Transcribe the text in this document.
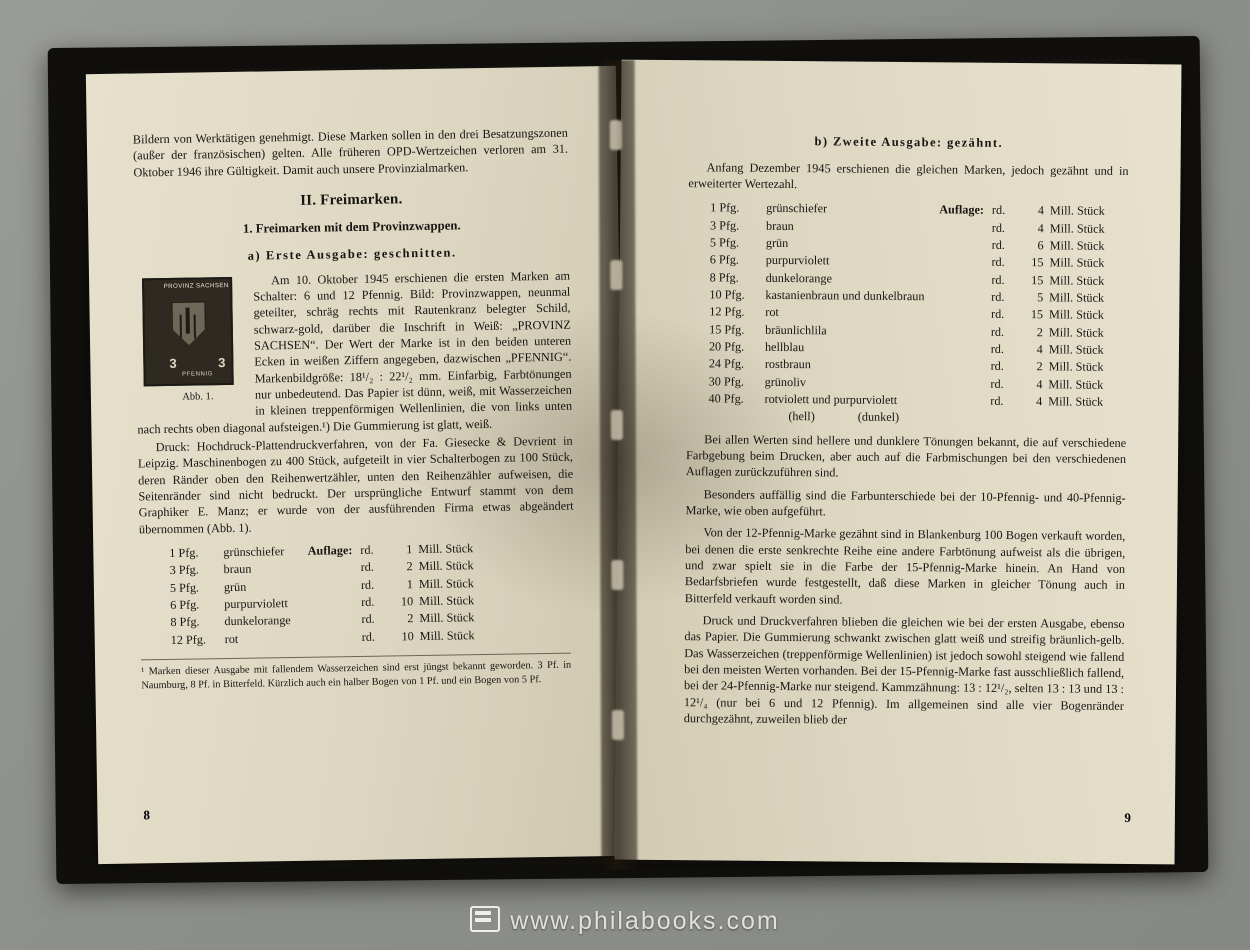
Bildern von Werktätigen genehmigt. Diese Marken sollen in den drei Besatzungszonen (außer der französischen) gelten. Alle früheren OPD-Wertzeichen verloren am 31. Oktober 1946 ihre Gültigkeit. Damit auch unsere Provinzialmarken.

II. Freimarken.
1. Freimarken mit dem Provinzwappen.
a) Erste Ausgabe: geschnitten.

PROVINZ SACHSEN
3	3
PFENNIG
Abb. 1.
Am 10. Oktober 1945 erschienen die ersten Marken am Schalter: 6 und 12 Pfennig. Bild: Provinzwappen, neunmal geteilter, schräg rechts mit Rautenkranz belegter Schild, schwarz-gold, darüber die Inschrift in Weiß: „PROVINZ SACHSEN“. Der Wert der Marke ist in den beiden unteren Ecken in weißen Ziffern angegeben, dazwischen „PFENNIG“. Markenbildgröße: 18¹/₂ : 22¹/₂ mm. Einfarbig, Farbtönungen nur unbedeutend. Das Papier ist dünn, weiß, mit Wasserzeichen in kleinen treppenförmigen Wellenlinien, die von links unten nach rechts oben diagonal aufsteigen.¹) Die Gummierung ist glatt, weiß.

Druck: Hochdruck-Plattendruckverfahren, von der Fa. Giesecke & Devrient in Leipzig. Maschinenbogen zu 400 Stück, aufgeteilt in vier Schalterbogen zu 100 Stück, deren Ränder oben den Reihenwertzähler, unten den Reihenzähler aufweisen, die Seitenränder sind nicht bedruckt. Der ursprüngliche Entwurf stammt von dem Graphiker E. Manz; er wurde von der ausführenden Firma etwas abgeändert übernommen (Abb. 1).

1 Pfg.	grünschiefer	Auflage:	rd.	1	Mill. Stück
3 Pfg.	braun		rd.	2	Mill. Stück
5 Pfg.	grün		rd.	1	Mill. Stück
6 Pfg.	purpurviolett		rd.	10	Mill. Stück
8 Pfg.	dunkelorange		rd.	2	Mill. Stück
12 Pfg.	rot		rd.	10	Mill. Stück
¹ Marken dieser Ausgabe mit fallendem Wasserzeichen sind erst jüngst bekannt geworden. 3 Pf. in Naumburg, 8 Pf. in Bitterfeld. Kürzlich auch ein halber Bogen von 1 Pf. und ein Bogen von 5 Pf.
8
b) Zweite Ausgabe: gezähnt.

Anfang Dezember 1945 erschienen die gleichen Marken, jedoch gezähnt und in erweiterter Wertezahl.

1 Pfg.	grünschiefer	Auflage:	rd.	4	Mill. Stück
3 Pfg.	braun		rd.	4	Mill. Stück
5 Pfg.	grün		rd.	6	Mill. Stück
6 Pfg.	purpurviolett		rd.	15	Mill. Stück
8 Pfg.	dunkelorange		rd.	15	Mill. Stück
10 Pfg.	kastanienbraun und dunkelbraun		rd.	5	Mill. Stück
12 Pfg.	rot		rd.	15	Mill. Stück
15 Pfg.	bräunlichlila		rd.	2	Mill. Stück
20 Pfg.	hellblau		rd.	4	Mill. Stück
24 Pfg.	rostbraun		rd.	2	Mill. Stück
30 Pfg.	grünoliv		rd.	4	Mill. Stück
40 Pfg.	rotviolett und purpurviolett		rd.	4	Mill. Stück
	(hell) (dunkel)				

Bei allen Werten sind hellere und dunklere Tönungen bekannt, die auf verschiedene Farbgebung beim Drucken, aber auch auf die Farbmischungen bei den verschiedenen Auflagen zurückzuführen sind.

Besonders auffällig sind die Farbunterschiede bei der 10-Pfennig- und 40-Pfennig-Marke, wie oben aufgeführt.

Von der 12-Pfennig-Marke gezähnt sind in Blankenburg 100 Bogen verkauft worden, bei denen die erste senkrechte Reihe eine andere Farbtönung aufweist als die übrigen, und zwar spielt sie in die Farbe der 15-Pfennig-Marke hinein. An Hand von Bedarfsbriefen wurde festgestellt, daß diese Marken in gleicher Tönung auch in Bitterfeld verkauft worden sind.

Druck und Druckverfahren blieben die gleichen wie bei der ersten Ausgabe, ebenso das Papier. Die Gummierung schwankt zwischen glatt weiß und streifig bräunlich-gelb. Das Wasserzeichen (treppenförmige Wellenlinien) ist jedoch sowohl steigend wie fallend bei den meisten Werten vorhanden. Bei der 15-Pfennig-Marke fast ausschließlich fallend, bei der 24-Pfennig-Marke nur steigend. Kammzähnung: 13 : 12¹/₂, selten 13 : 13 und 13 : 12¹/₄ (nur bei 6 und 12 Pfennig). Im allgemeinen sind alle vier Bogenränder durchgezähnt, zuweilen blieb der

9
www.philabooks.com
